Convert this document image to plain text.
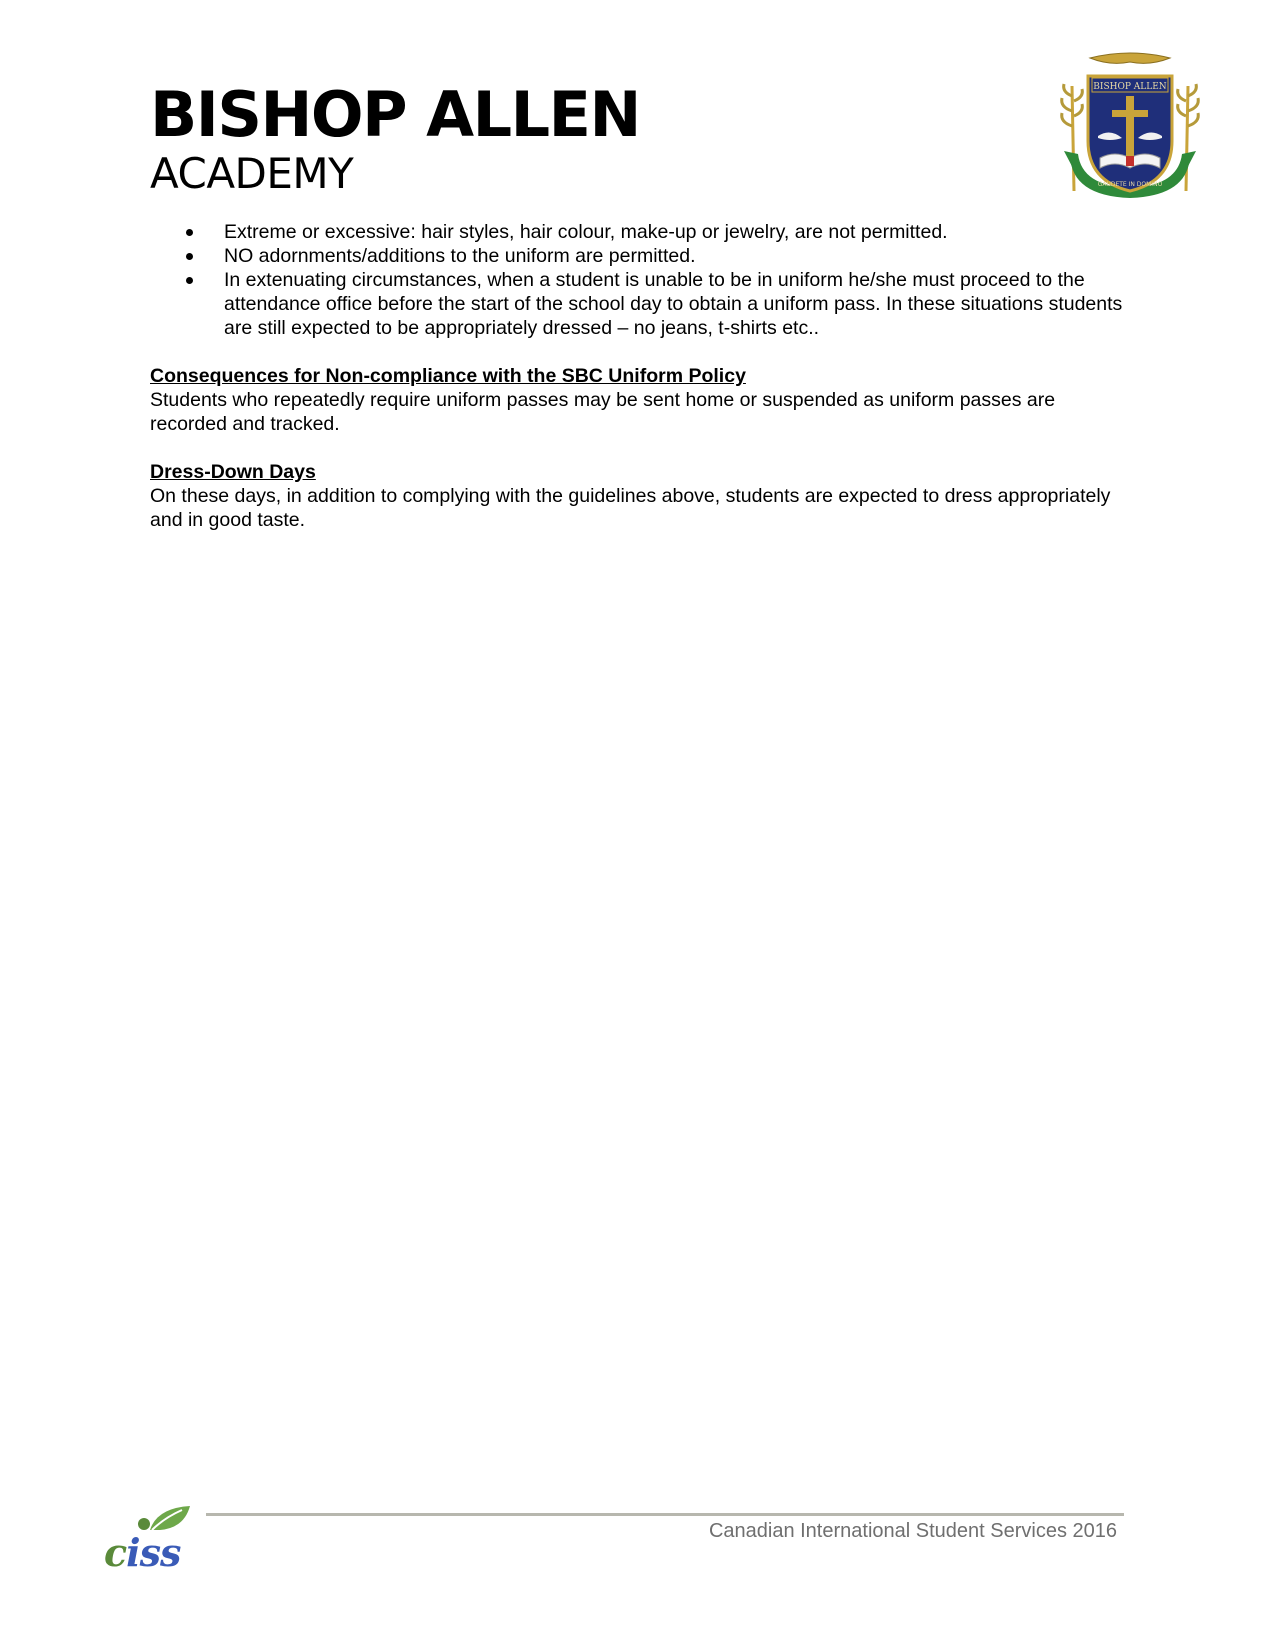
BISHOP ALLEN
ACADEMY
BISHOP ALLEN
GAUDETE IN DOMINO
Extreme or excessive: hair styles, hair colour, make-up or jewelry, are not permitted.
NO adornments/additions to the uniform are permitted.
In extenuating circumstances, when a student is unable to be in uniform he/she must proceed to the attendance office before the start of the school day to obtain a uniform pass. In these situations students are still expected to be appropriately dressed – no jeans, t-shirts etc..
Consequences for Non-compliance with the SBC Uniform Policy
Students who repeatedly require uniform passes may be sent home or suspended as uniform passes are recorded and tracked.
Dress-Down Days
On these days, in addition to complying with the guidelines above, students are expected to dress appropriately and in good taste.
Canadian International Student Services 2016
ciss
